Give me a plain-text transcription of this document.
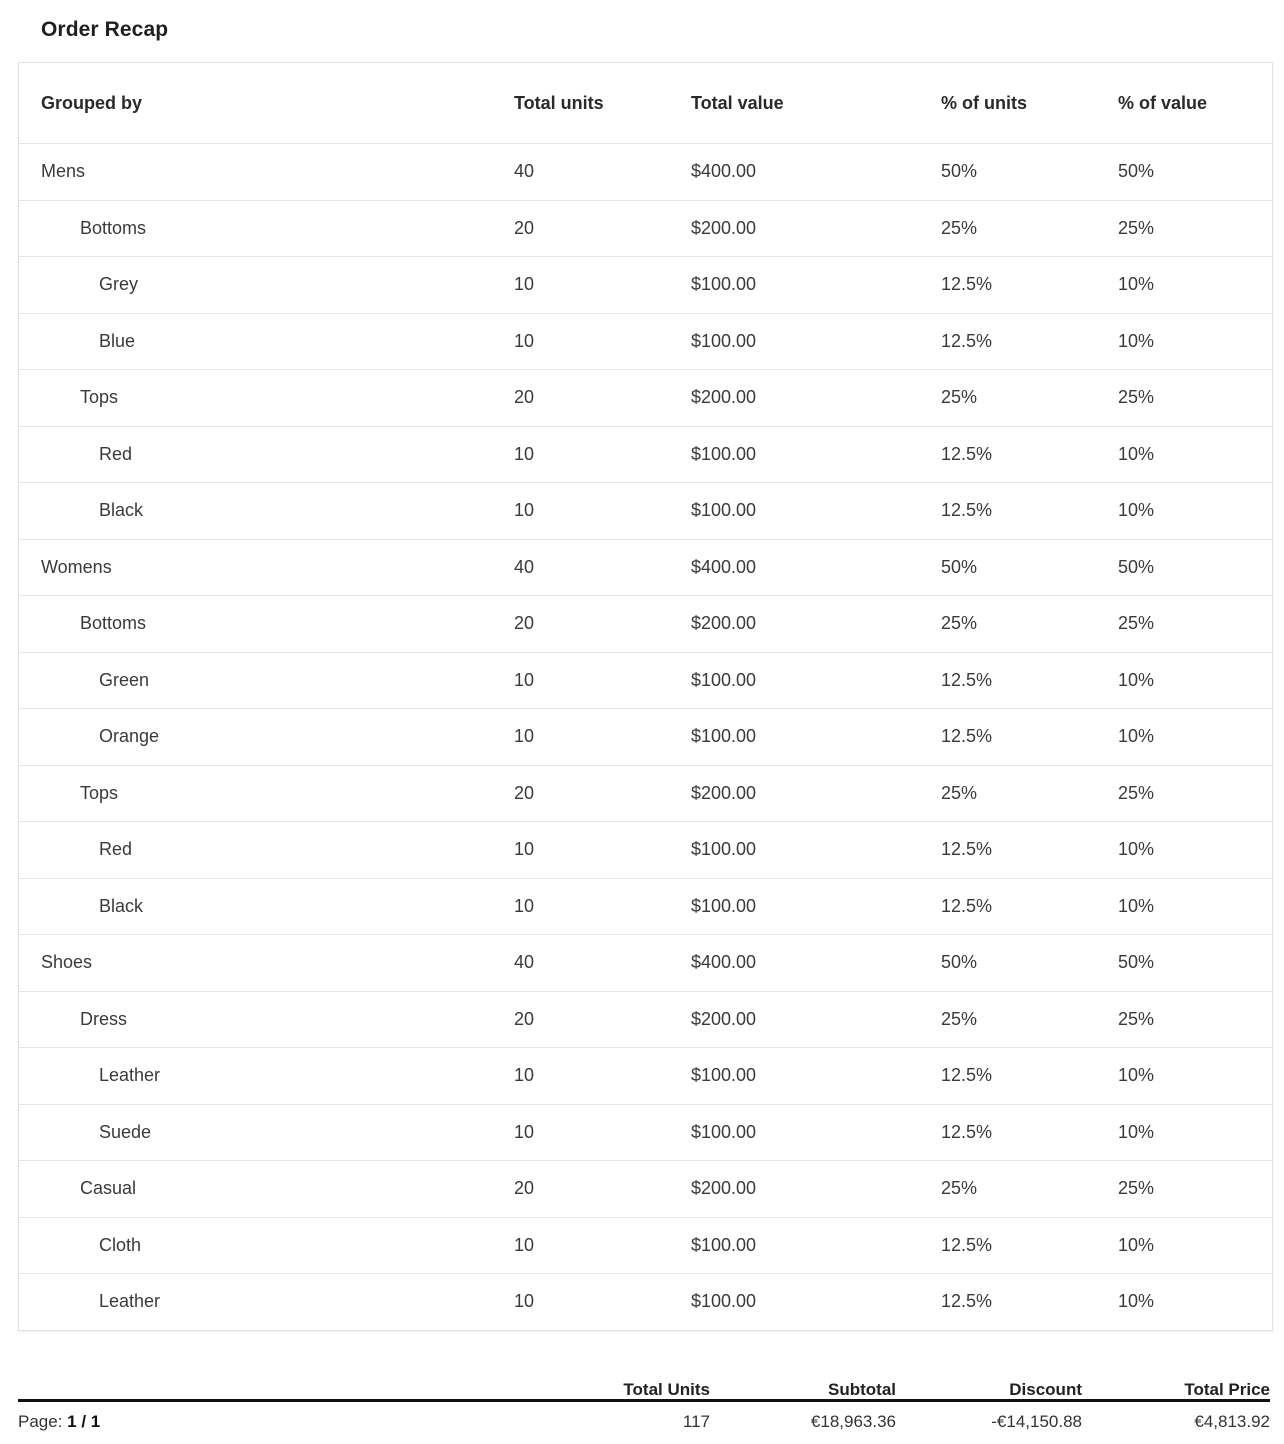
Order Recap
Grouped by	Total units	Total value	% of units	% of value
Mens	40	$400.00	50%	50%
Bottoms	20	$200.00	25%	25%
Grey	10	$100.00	12.5%	10%
Blue	10	$100.00	12.5%	10%
Tops	20	$200.00	25%	25%
Red	10	$100.00	12.5%	10%
Black	10	$100.00	12.5%	10%
Womens	40	$400.00	50%	50%
Bottoms	20	$200.00	25%	25%
Green	10	$100.00	12.5%	10%
Orange	10	$100.00	12.5%	10%
Tops	20	$200.00	25%	25%
Red	10	$100.00	12.5%	10%
Black	10	$100.00	12.5%	10%
Shoes	40	$400.00	50%	50%
Dress	20	$200.00	25%	25%
Leather	10	$100.00	12.5%	10%
Suede	10	$100.00	12.5%	10%
Casual	20	$200.00	25%	25%
Cloth	10	$100.00	12.5%	10%
Leather	10	$100.00	12.5%	10%
Total Units	Subtotal	Discount	Total Price
Page: 1 / 1	117	€18,963.36	-€14,150.88	€4,813.92
